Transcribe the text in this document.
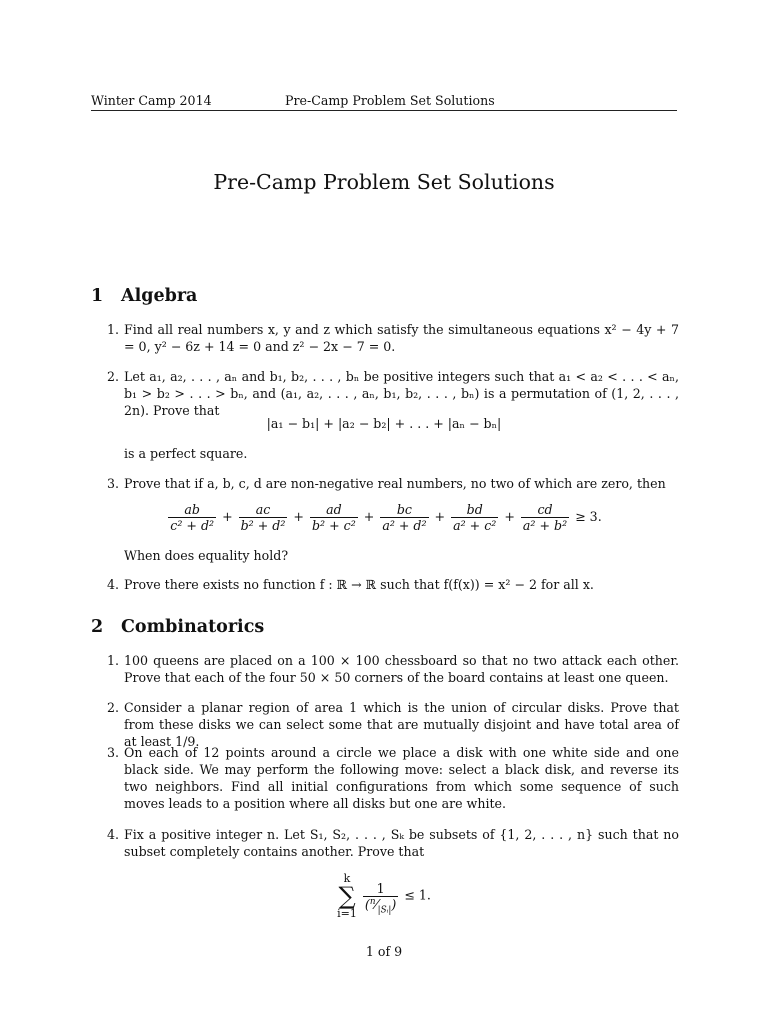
Winter Camp 2014	Pre-Camp Problem Set Solutions
Pre-Camp Problem Set Solutions
1 Algebra
1. Find all real numbers x, y and z which satisfy the simultaneous equations x² − 4y + 7 = 0, y² − 6z + 14 = 0 and z² − 2x − 7 = 0.
2. Let a₁, a₂, . . . , aₙ and b₁, b₂, . . . , bₙ be positive integers such that a₁ < a₂ < . . . < aₙ, b₁ > b₂ > . . . > bₙ, and (a₁, a₂, . . . , aₙ, b₁, b₂, . . . , bₙ) is a permutation of (1, 2, . . . , 2n). Prove that
|a₁ − b₁| + |a₂ − b₂| + . . . + |aₙ − bₙ|
is a perfect square.
3. Prove that if a, b, c, d are non-negative real numbers, no two of which are zero, then
$\frac{ab}{\text{c² + d²}} + \frac{ac}{\text{b² + d²}} + \frac{ad}{\text{b² + c²}} + \frac{bc}{\text{a² + d²}} + \frac{bd}{\text{a² + c²}} + \frac{cd}{\text{a² + b²}} \ge 3$.
When does equality hold?
4. Prove there exists no function f : ℝ → ℝ such that f(f(x)) = x² − 2 for all x.
2 Combinatorics
1. 100 queens are placed on a 100 × 100 chessboard so that no two attack each other. Prove that each of the four 50 × 50 corners of the board contains at least one queen.
2. Consider a planar region of area 1 which is the union of circular disks. Prove that from these disks we can select some that are mutually disjoint and have total area of at least 1/9.
3. On each of 12 points around a circle we place a disk with one white side and one black side. We may perform the following move: select a black disk, and reverse its two neighbors. Find all initial configurations from which some sequence of such moves leads to a position where all disks but one are white.
4. Fix a positive integer n. Let S₁, S₂, . . . , Sₖ be subsets of {1, 2, . . . , n} such that no subset completely contains another. Prove that
k
∑
i=1
$\frac{1}{(^n⁄_{|Sᵢ|})} \le 1$.
1 of 9
